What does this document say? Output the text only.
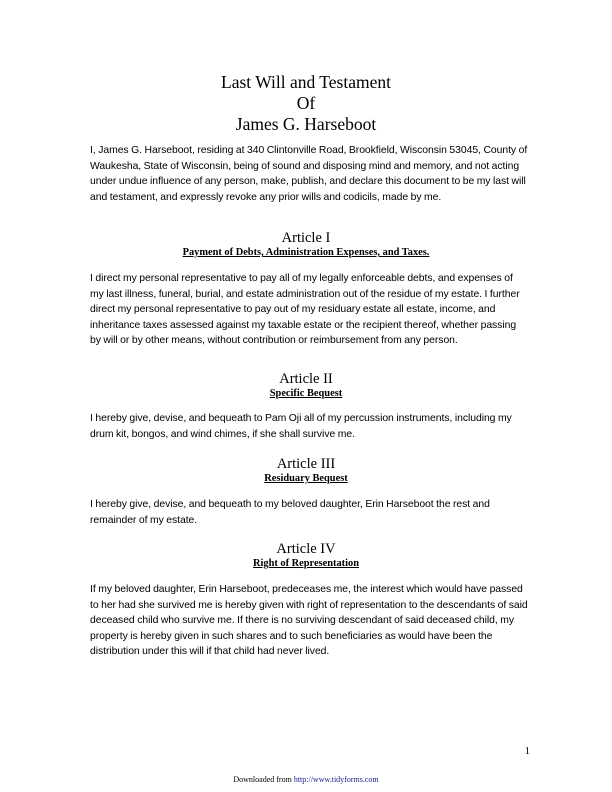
Last Will and Testament
Of
James G. Harseboot
I, James G. Harseboot, residing at 340 Clintonville Road, Brookfield, Wisconsin 53045, County of Waukesha, State of Wisconsin, being of sound and disposing mind and memory, and not acting under undue influence of any person, make, publish, and declare this document to be my last will and testament, and expressly revoke any prior wills and codicils, made by me.
Article I
Payment of Debts, Administration Expenses, and Taxes.
I direct my personal representative to pay all of my legally enforceable debts, and expenses of my last illness, funeral, burial, and estate administration out of the residue of my estate. I further direct my personal representative to pay out of my residuary estate all estate, income, and inheritance taxes assessed against my taxable estate or the recipient thereof, whether passing by will or by other means, without contribution or reimbursement from any person.
Article II
Specific Bequest
I hereby give, devise, and bequeath to Pam Oji all of my percussion instruments, including my drum kit, bongos, and wind chimes, if she shall survive me.
Article III
Residuary Bequest
I hereby give, devise, and bequeath to my beloved daughter, Erin Harseboot the rest and remainder of my estate.
Article IV
Right of Representation
If my beloved daughter, Erin Harseboot, predeceases me, the interest which would have passed to her had she survived me is hereby given with right of representation to the descendants of said deceased child who survive me. If there is no surviving descendant of said deceased child, my property is hereby given in such shares and to such beneficiaries as would have been the distribution under this will if that child had never lived.
1
Downloaded from http://www.tidyforms.com
